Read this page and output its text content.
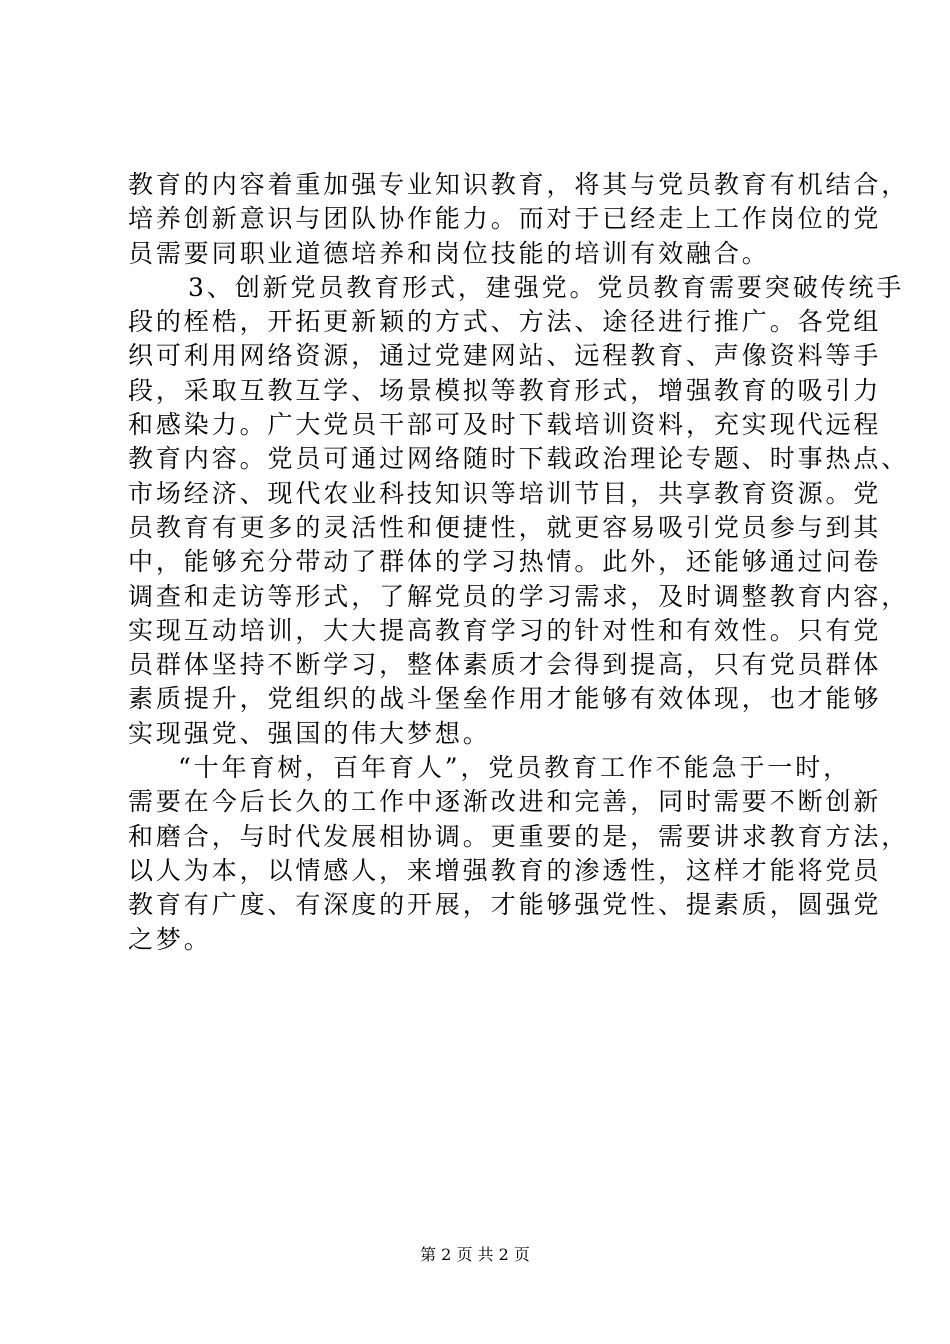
教育的内容着重加强专业知识教育，将其与党员教育有机结合，
培养创新意识与团队协作能力。而对于已经走上工作岗位的党
员需要同职业道德培养和岗位技能的培训有效融合。
3、创新党员教育形式，建强党。党员教育需要突破传统手
段的桎梏，开拓更新颖的方式、方法、途径进行推广。各党组
织可利用网络资源，通过党建网站、远程教育、声像资料等手
段，采取互教互学、场景模拟等教育形式，增强教育的吸引力
和感染力。广大党员干部可及时下载培训资料，充实现代远程
教育内容。党员可通过网络随时下载政治理论专题、时事热点、
市场经济、现代农业科技知识等培训节目，共享教育资源。党
员教育有更多的灵活性和便捷性，就更容易吸引党员参与到其
中，能够充分带动了群体的学习热情。此外，还能够通过问卷
调查和走访等形式，了解党员的学习需求，及时调整教育内容，
实现互动培训，大大提高教育学习的针对性和有效性。只有党
员群体坚持不断学习，整体素质才会得到提高，只有党员群体
素质提升，党组织的战斗堡垒作用才能够有效体现，也才能够
实现强党、强国的伟大梦想。
“十年育树，百年育人”，党员教育工作不能急于一时，
需要在今后长久的工作中逐渐改进和完善，同时需要不断创新
和磨合，与时代发展相协调。更重要的是，需要讲求教育方法，
以人为本，以情感人，来增强教育的渗透性，这样才能将党员
教育有广度、有深度的开展，才能够强党性、提素质，圆强党
之梦。
第 2 页 共 2 页
